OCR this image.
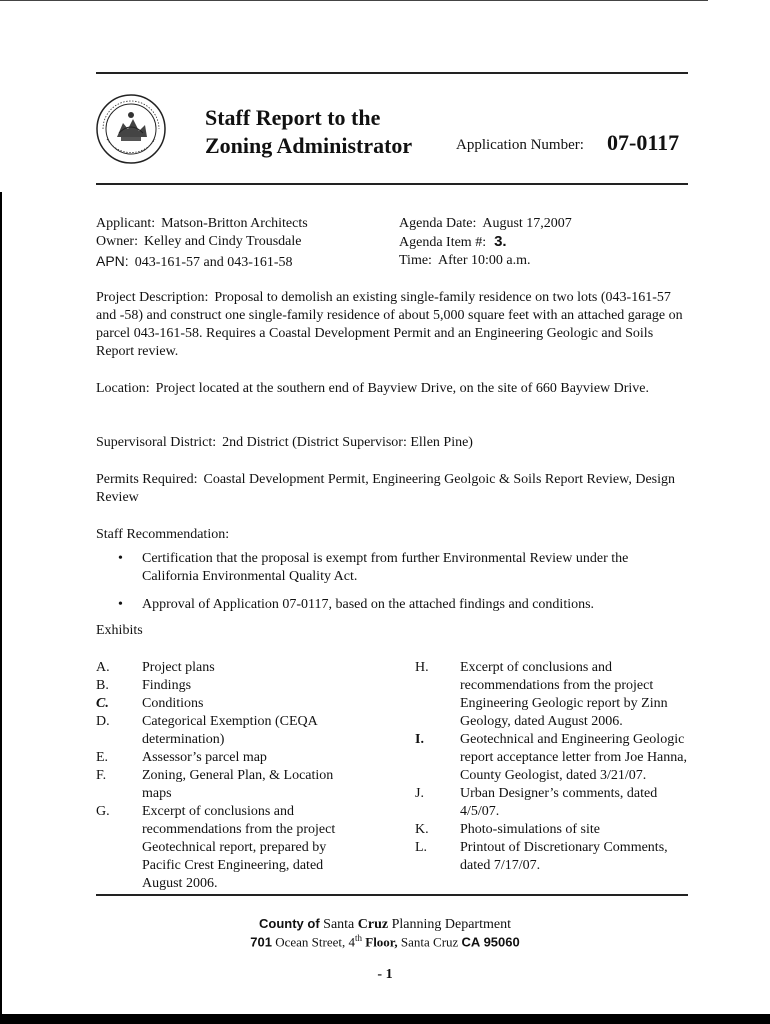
Staff Report to the
Zoning Administrator	Application Number: 07-0117
Applicant: Matson-Britton Architects
Owner: Kelley and Cindy Trousdale
APN: 043-161-57 and 043-161-58
Agenda Date: August 17,2007
Agenda Item #: 3.
Time: After 10:00 a.m.
Project Description: Proposal to demolish an existing single-family residence on two lots (043-161-57 and -58) and construct one single-family residence of about 5,000 square feet with an attached garage on parcel 043-161-58. Requires a Coastal Development Permit and an Engineering Geologic and Soils Report review.
Location: Project located at the southern end of Bayview Drive, on the site of 660 Bayview Drive.
Supervisoral District: 2nd District (District Supervisor: Ellen Pine)
Permits Required: Coastal Development Permit, Engineering Geolgoic & Soils Report Review, Design Review
Staff Recommendation:
• Certification that the proposal is exempt from further Environmental Review under the California Environmental Quality Act.
• Approval of Application 07-0117, based on the attached findings and conditions.
Exhibits
A.	Project plans
B.	Findings
C.	Conditions
D.	Categorical Exemption (CEQA determination)
E.	Assessor’s parcel map
F.	Zoning, General Plan, & Location maps
G.	Excerpt of conclusions and recommendations from the project Geotechnical report, prepared by Pacific Crest Engineering, dated August 2006.
H.	Excerpt of conclusions and recommendations from the project Engineering Geologic report by Zinn Geology, dated August 2006.
I.	Geotechnical and Engineering Geologic report acceptance letter from Joe Hanna, County Geologist, dated 3/21/07.
J.	Urban Designer’s comments, dated 4/5/07.
K.	Photo-simulations of site
L.	Printout of Discretionary Comments, dated 7/17/07.
County of Santa Cruz Planning Department
701 Ocean Street, 4th Floor, Santa Cruz CA 95060
- 1
